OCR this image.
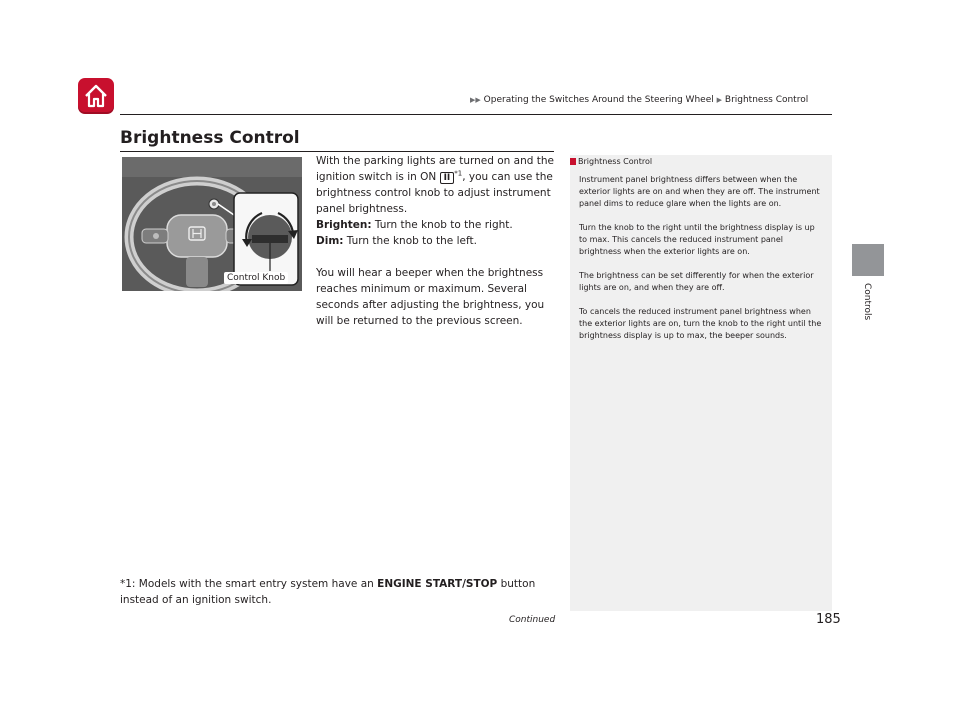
▶▶ Operating the Switches Around the Steering Wheel ▶ Brightness Control
Brightness Control
Controls
Control Knob

With the parking lights are turned on and the ignition switch is in ON II $^{*1}$, you can use the brightness control knob to adjust instrument panel brightness.

Brighten: Turn the knob to the right.

Dim: Turn the knob to the left.

You will hear a beeper when the brightness reaches minimum or maximum. Several seconds after adjusting the brightness, you will be returned to the previous screen.

*1: Models with the smart entry system have an ENGINE START/STOP button instead of an ignition switch.

Continued	185
Brightness Control

Instrument panel brightness differs between when the exterior lights are on and when they are off. The instrument panel dims to reduce glare when the lights are on.

Turn the knob to the right until the brightness display is up to max. This cancels the reduced instrument panel brightness when the exterior lights are on.

The brightness can be set differently for when the exterior lights are on, and when they are off.

To cancels the reduced instrument panel brightness when the exterior lights are on, turn the knob to the right until the brightness display is up to max, the beeper sounds.
